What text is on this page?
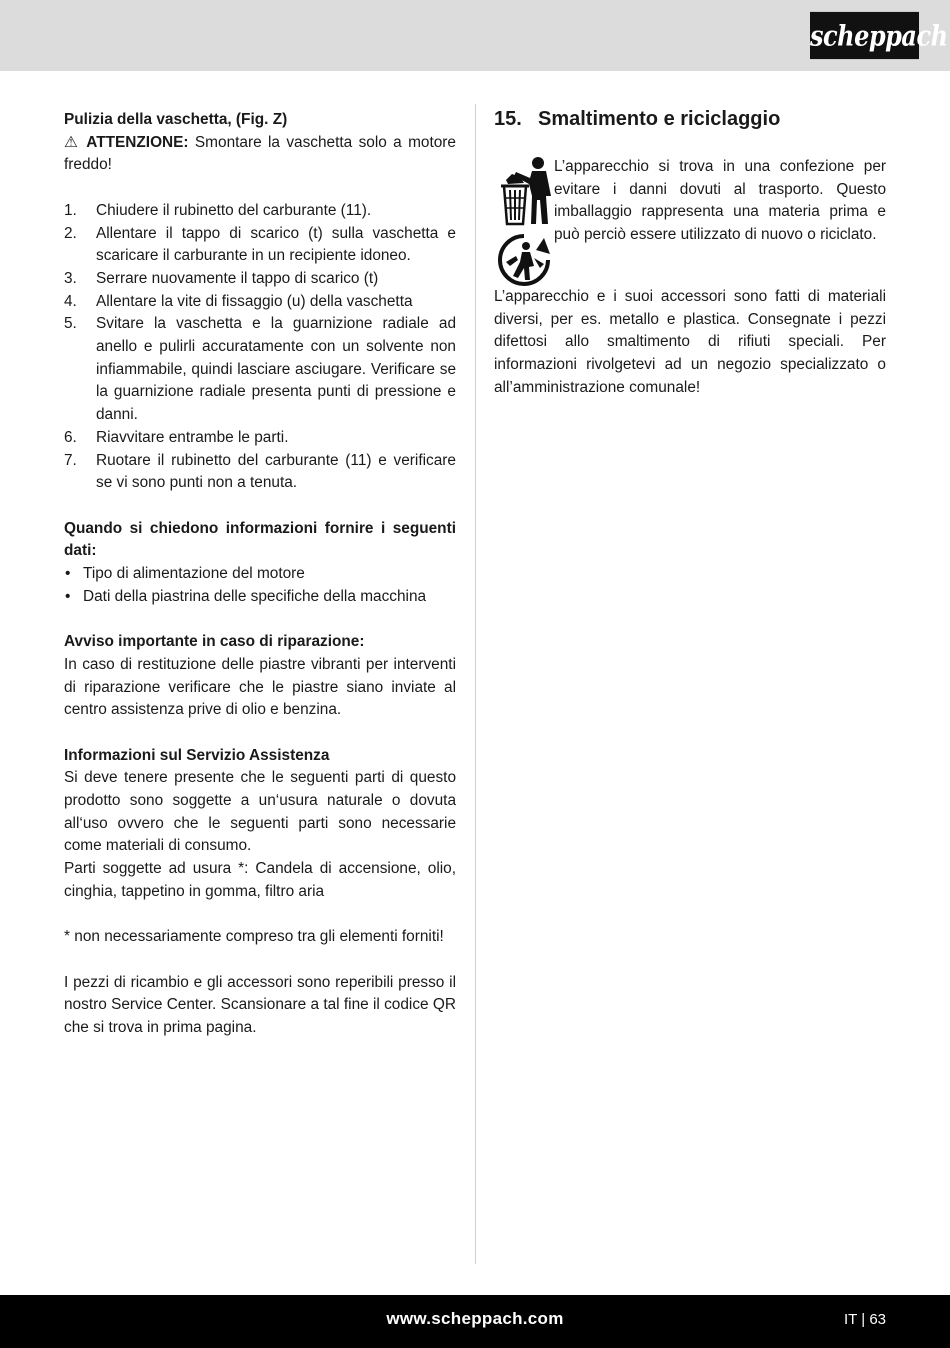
scheppach

Pulizia della vaschetta, (Fig. Z)

⚠ ATTENZIONE: Smontare la vaschetta solo a motore freddo!

1. Chiudere il rubinetto del carburante (11).
2. Allentare il tappo di scarico (t) sulla vaschetta e scaricare il carburante in un recipiente idoneo.
3. Serrare nuovamente il tappo di scarico (t)
4. Allentare la vite di fissaggio (u) della vaschetta
5. Svitare la vaschetta e la guarnizione radiale ad anello e pulirli accuratamente con un solvente non infiammabile, quindi lasciare asciugare. Verificare se la guarnizione radiale presenta punti di pressione e danni.
6. Riavvitare entrambe le parti.
7. Ruotare il rubinetto del carburante (11) e verificare se vi sono punti non a tenuta.

Quando si chiedono informazioni fornire i seguenti dati:

• Tipo di alimentazione del motore
• Dati della piastrina delle specifiche della macchina

Avviso importante in caso di riparazione:

In caso di restituzione delle piastre vibranti per interventi di riparazione verificare che le piastre siano inviate al centro assistenza prive di olio e benzina.

Informazioni sul Servizio Assistenza

Si deve tenere presente che le seguenti parti di questo prodotto sono soggette a un‘usura naturale o dovuta all‘uso ovvero che le seguenti parti sono necessarie come materiali di consumo.

Parti soggette ad usura *: Candela di accensione, olio, cinghia, tappetino in gomma, filtro aria

* non necessariamente compreso tra gli elementi forniti!

I pezzi di ricambio e gli accessori sono reperibili presso il nostro Service Center. Scansionare a tal fine il codice QR che si trova in prima pagina.

15. Smaltimento e riciclaggio

L’apparecchio si trova in una confezione per evitare i danni dovuti al trasporto. Questo imballaggio rappresenta una materia prima e può perciò essere utilizzato di nuovo o riciclato.

L’apparecchio e i suoi accessori sono fatti di materiali diversi, per es. metallo e plastica. Consegnate i pezzi difettosi allo smaltimento di rifiuti speciali. Per informazioni rivolgetevi ad un negozio specializzato o all’amministrazione comunale!

www.scheppach.com	IT | 63
